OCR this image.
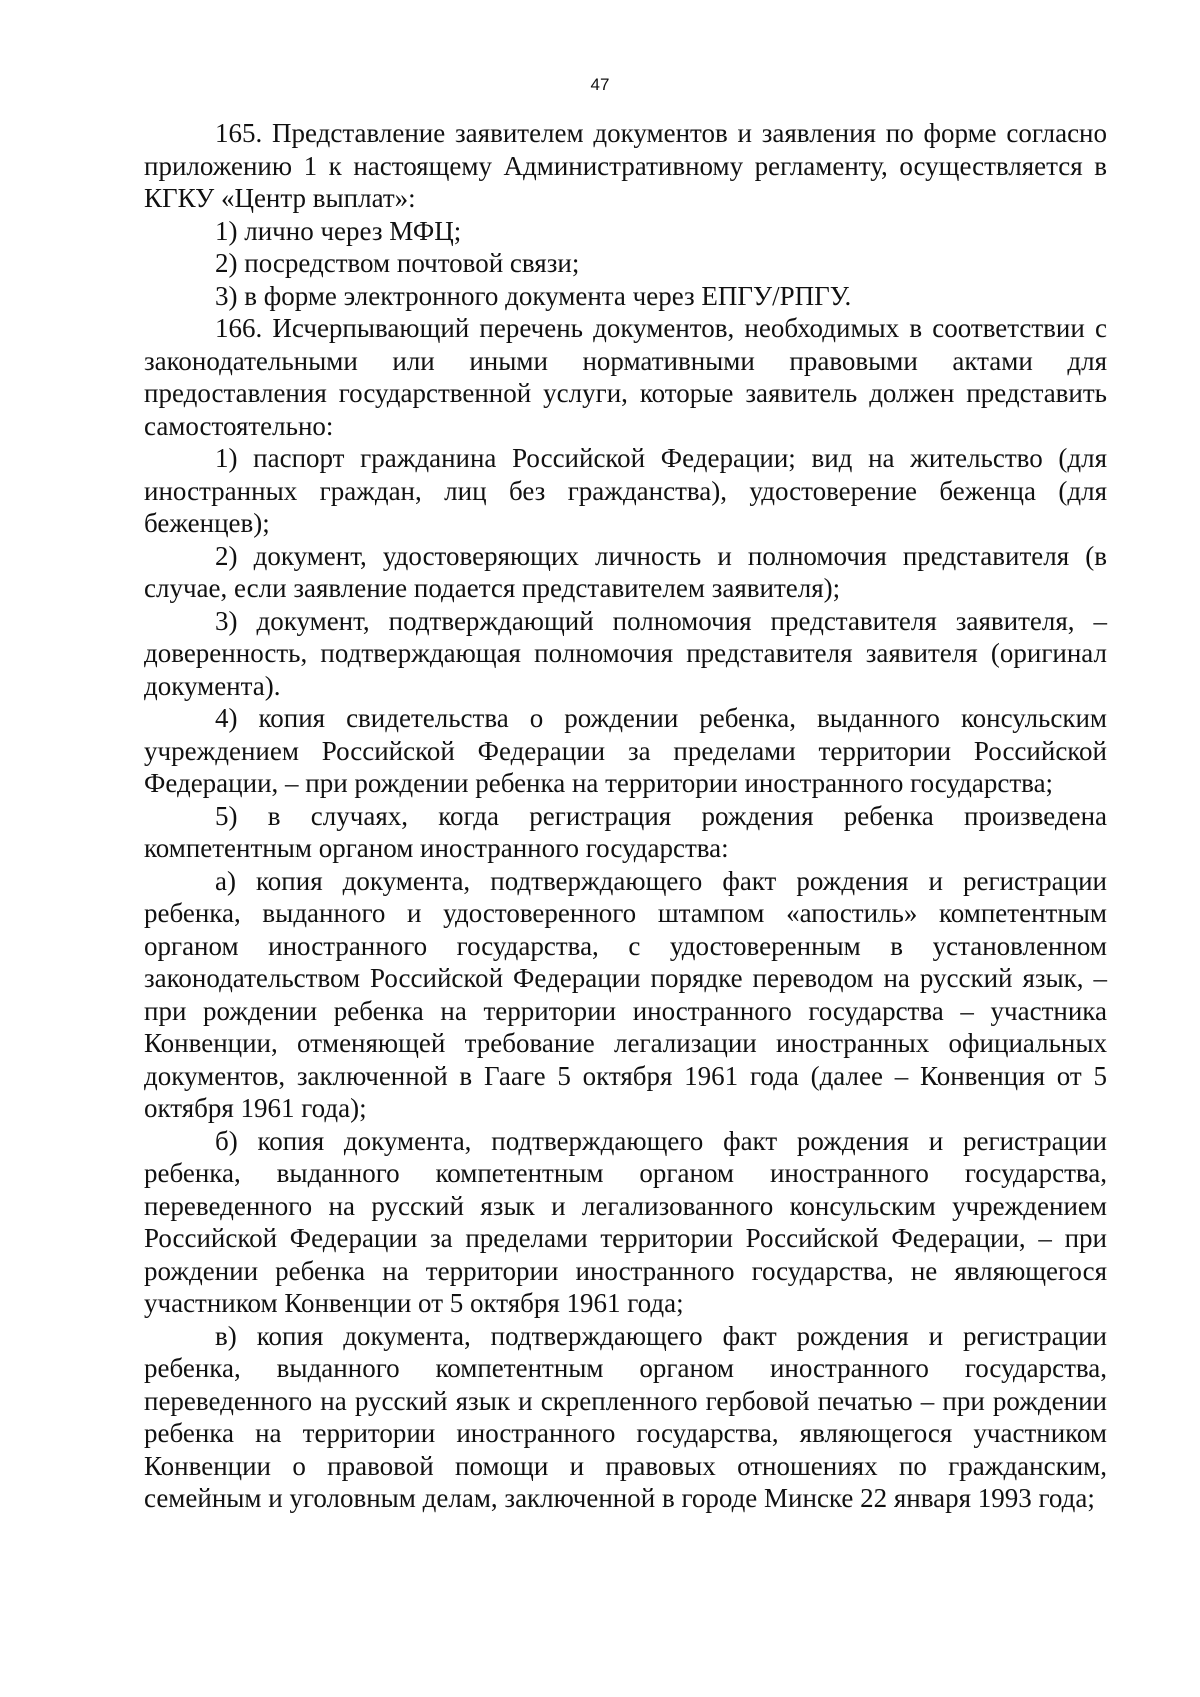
47

165. Представление заявителем документов и заявления по форме согласно приложению 1 к настоящему Административному регламенту, осуществляется в КГКУ «Центр выплат»:

1) лично через МФЦ;

2) посредством почтовой связи;

3) в форме электронного документа через ЕПГУ/РПГУ.

166. Исчерпывающий перечень документов, необходимых в соответствии с законодательными или иными нормативными правовыми актами для предоставления государственной услуги, которые заявитель должен представить самостоятельно:

1) паспорт гражданина Российской Федерации; вид на жительство (для иностранных граждан, лиц без гражданства), удостоверение беженца (для беженцев);

2) документ, удостоверяющих личность и полномочия представителя (в случае, если заявление подается представителем заявителя);

3) документ, подтверждающий полномочия представителя заявителя, – доверенность, подтверждающая полномочия представителя заявителя (оригинал документа).

4) копия свидетельства о рождении ребенка, выданного консульским учреждением Российской Федерации за пределами территории Российской Федерации, – при рождении ребенка на территории иностранного государства;

5) в случаях, когда регистрация рождения ребенка произведена компетентным органом иностранного государства:

а) копия документа, подтверждающего факт рождения и регистрации ребенка, выданного и удостоверенного штампом «апостиль» компетентным органом иностранного государства, с удостоверенным в установленном законодательством Российской Федерации порядке переводом на русский язык, – при рождении ребенка на территории иностранного государства – участника Конвенции, отменяющей требование легализации иностранных официальных документов, заключенной в Гааге 5 октября 1961 года (далее – Конвенция от 5 октября 1961 года);

б) копия документа, подтверждающего факт рождения и регистрации ребенка, выданного компетентным органом иностранного государства, переведенного на русский язык и легализованного консульским учреждением Российской Федерации за пределами территории Российской Федерации, – при рождении ребенка на территории иностранного государства, не являющегося участником Конвенции от 5 октября 1961 года;

в) копия документа, подтверждающего факт рождения и регистрации ребенка, выданного компетентным органом иностранного государства, переведенного на русский язык и скрепленного гербовой печатью – при рождении ребенка на территории иностранного государства, являющегося участником Конвенции о правовой помощи и правовых отношениях по гражданским, семейным и уголовным делам, заключенной в городе Минске 22 января 1993 года;
